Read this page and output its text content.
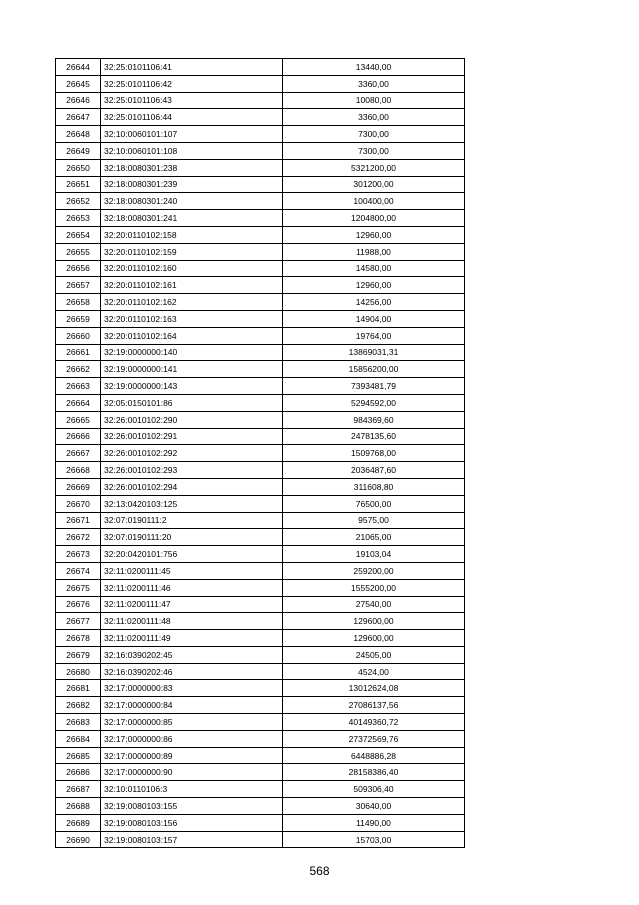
26644	32:25:0101106:41	13440,00
26645	32:25:0101106:42	3360,00
26646	32:25:0101106:43	10080,00
26647	32:25:0101106:44	3360,00
26648	32:10:0060101:107	7300,00
26649	32:10:0060101:108	7300,00
26650	32:18:0080301:238	5321200,00
26651	32:18:0080301:239	301200,00
26652	32:18:0080301:240	100400,00
26653	32:18:0080301:241	1204800,00
26654	32:20:0110102:158	12960,00
26655	32:20:0110102:159	11988,00
26656	32:20:0110102:160	14580,00
26657	32:20:0110102:161	12960,00
26658	32:20:0110102:162	14256,00
26659	32:20:0110102:163	14904,00
26660	32:20:0110102:164	19764,00
26661	32:19:0000000:140	13869031,31
26662	32:19:0000000:141	15856200,00
26663	32:19:0000000:143	7393481,79
26664	32:05:0150101:86	5294592,00
26665	32:26:0010102:290	984369,60
26666	32:26:0010102:291	2478135,60
26667	32:26:0010102:292	1509768,00
26668	32:26:0010102:293	2036487,60
26669	32:26:0010102:294	311608,80
26670	32:13:0420103:125	76500,00
26671	32:07:0190111:2	9575,00
26672	32:07:0190111:20	21065,00
26673	32:20:0420101:756	19103,04
26674	32:11:0200111:45	259200,00
26675	32:11:0200111:46	1555200,00
26676	32:11:0200111:47	27540,00
26677	32:11:0200111:48	129600,00
26678	32:11:0200111:49	129600,00
26679	32:16:0390202:45	24505,00
26680	32:16:0390202:46	4524,00
26681	32:17:0000000:83	13012624,08
26682	32:17:0000000:84	27086137,56
26683	32:17:0000000:85	40149360,72
26684	32:17:0000000:86	27372569,76
26685	32:17:0000000:89	6448886,28
26686	32:17:0000000:90	28158386,40
26687	32:10:0110106:3	509306,40
26688	32:19:0080103:155	30640,00
26689	32:19:0080103:156	11490,00
26690	32:19:0080103:157	15703,00
568
